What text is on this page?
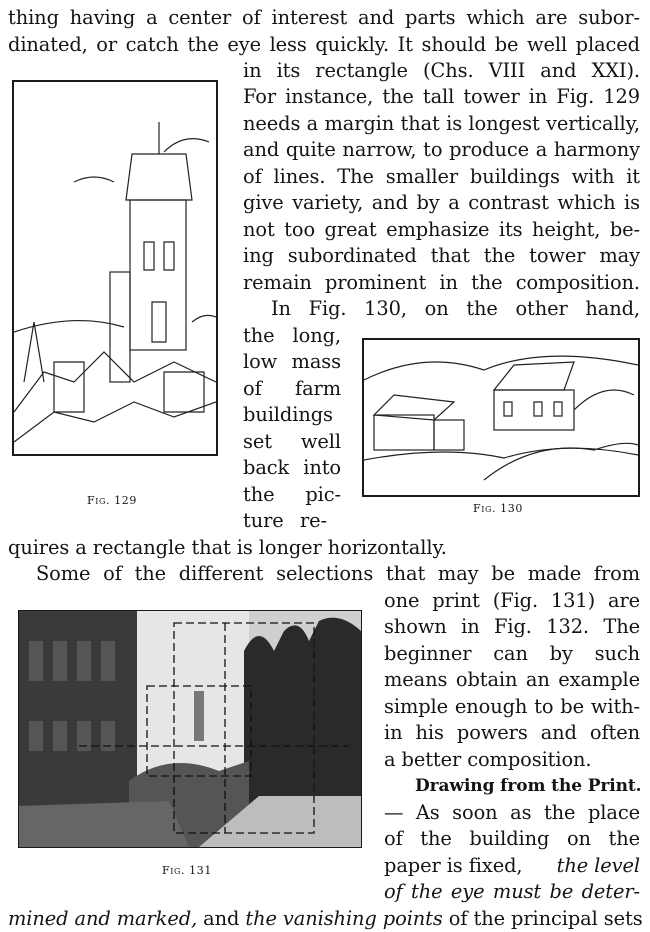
Fig. 129
Fig. 130
Fig. 131

thing having a center of interest and parts which are subor-

dinated, or catch the eye less quickly. It should be well placed

in its rectangle (Chs. VIII and XXI).

For instance, the tall tower in Fig. 129

needs a margin that is longest vertically,

and quite narrow, to produce a harmony

of lines. The smaller buildings with it

give variety, and by a contrast which is

not too great emphasize its height, be-

ing subordinated that the tower may

remain prominent in the composition.

In Fig. 130, on the other hand,

the long,

low mass

of farm

buildings

set well

back into

the pic-

ture re-

quires a rectangle that is longer horizontally.

Some of the different selections that may be made from

one print (Fig. 131) are

shown in Fig. 132. The

beginner can by such

means obtain an example

simple enough to be with-

in his powers and often

a better composition.

Drawing from the Print.

— As soon as the place

of the building on the

paper is fixed, the level

of the eye must be deter-

mined and marked, and the vanishing points of the principal sets
